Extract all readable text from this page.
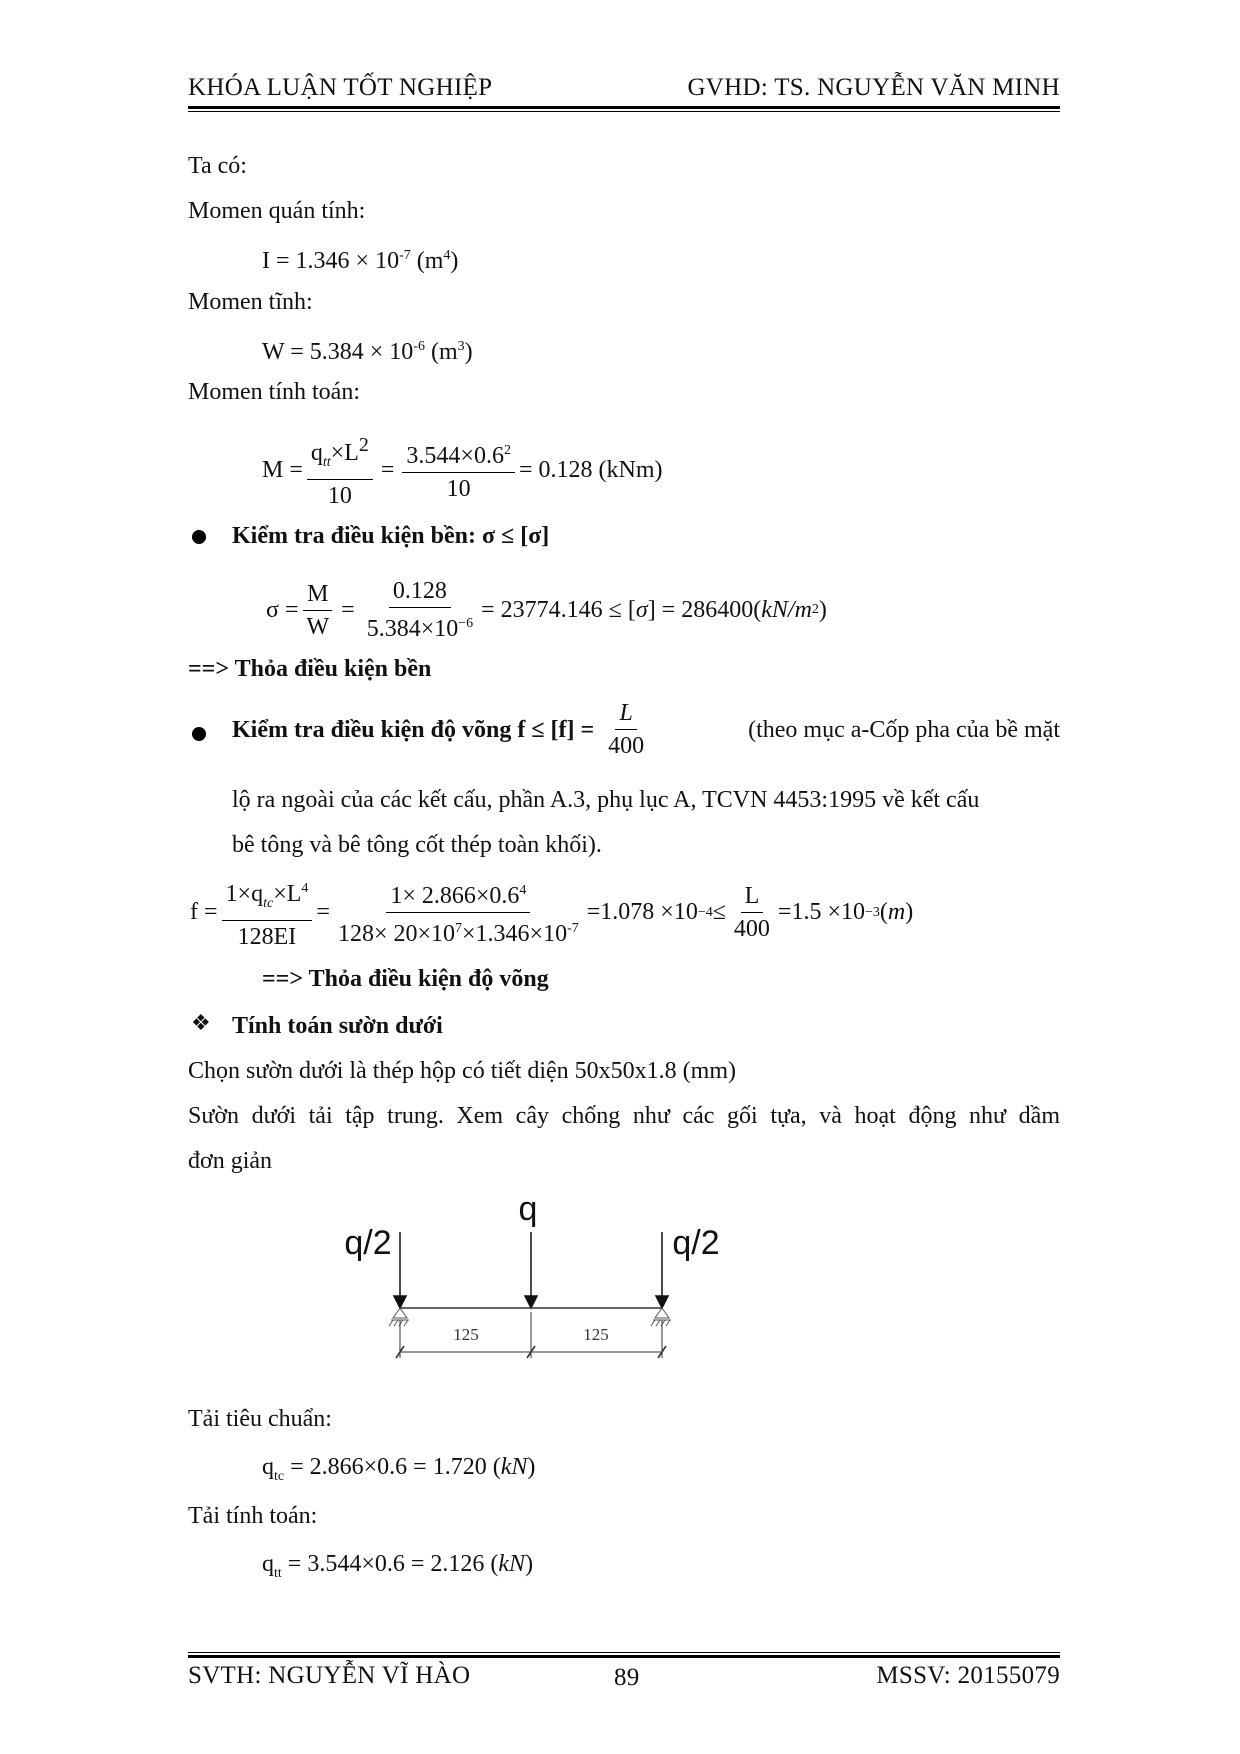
KHÓA LUẬN TỐT NGHIỆP	GVHD: TS. NGUYỄN VĂN MINH
Ta có:
Momen quán tính:
$I = 1.346 \times 10^{-7}$ $(m^4)$
Momen tĩnh:
$W = 5.384 \times 10^{-6}$ $(m^3)$
Momen tính toán:
$M = \frac{q_{tt}\times L^2}{10} = \frac{3.544\times 0.6^2}{10} = 0.128$ (kNm)
Kiểm tra điều kiện bền: σ ≤ [σ]
$\sigma = \frac{M}{W} = \frac{0.128}{5.384\times 10^{-6}} = 23774.146$ ≤ [ σ ] = 286400( kN / m 2 )
==> Thỏa điều kiện bền
Kiểm tra điều kiện độ võng $f \le [f] = \frac{L}{400}$	(theo mục a-Cốp pha của bề mặt
lộ ra ngoài của các kết cấu, phần A.3, phụ lục A, TCVN 4453:1995 về kết cấu
bê tông và bê tông cốt thép toàn khối).
$f = \frac{1\times q_{tc}\times L^4}{128EI} = \frac{1\times 2.866\times 0.6^4}{128\times 20\times 10^7\times 1.346\times 10^{-7}} =1.078 \times 10 -4 \le \frac{L}{400} =1.5 \times 10 -3$ ( m )
==> Thỏa điều kiện độ võng
❖ Tính toán sườn dưới
Chọn sườn dưới là thép hộp có tiết diện 50x50x1.8 (mm)
Sườn dưới tải tập trung. Xem cây chống như các gối tựa, và hoạt động như dầm
đơn giản
q
q/2	q/2
125	125
Tải tiêu chuẩn:
$q_{tc} = 2.866\times 0.6 = 1.720$ (kN)
Tải tính toán:
$q_{tt} = 3.544\times 0.6 = 2.126$ (kN)
SVTH: NGUYỄN VĨ HÀO	89	MSSV: 20155079
